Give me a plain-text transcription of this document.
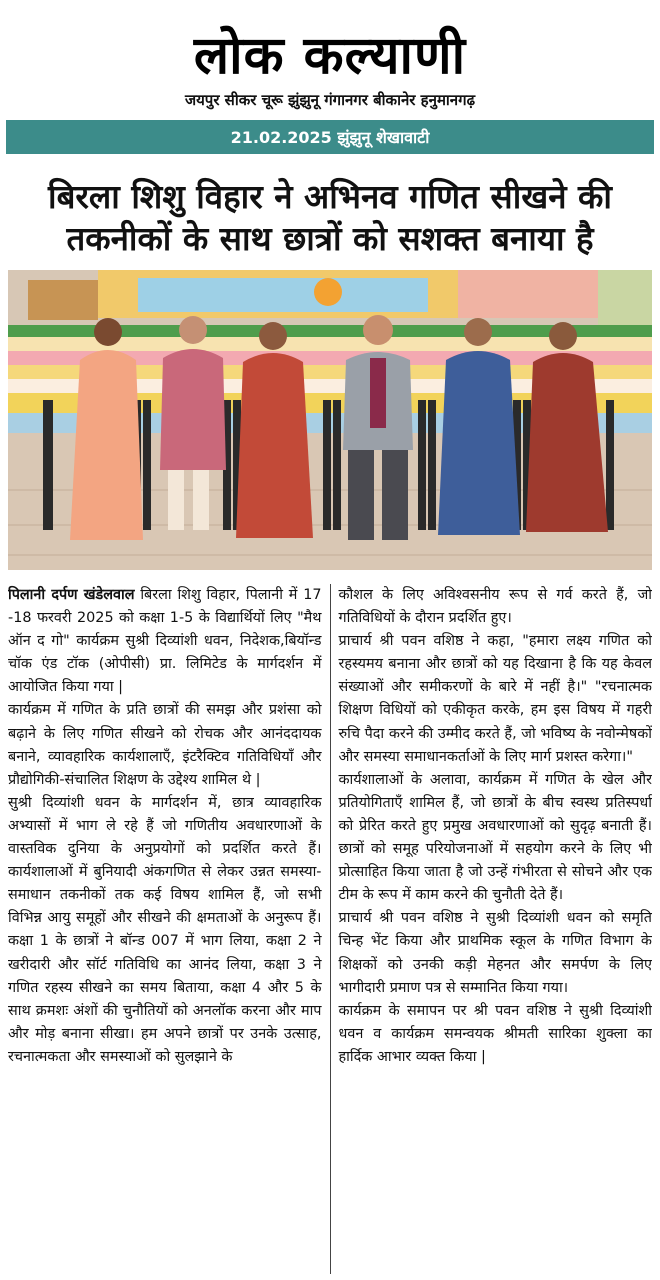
लोक कल्याणी
जयपुर सीकर चूरू झुंझुनू गंगानगर बीकानेर हनुमानगढ़
21.02.2025 झुंझुनू शेखावाटी
बिरला शिशु विहार ने अभिनव गणित सीखने की
तकनीकों के साथ छात्रों को सशक्त बनाया है

पिलानी दर्पण खंडेलवाल बिरला शिशु विहार, पिलानी में 17 -18 फरवरी 2025 को कक्षा 1-5 के विद्यार्थियों लिए "मैथ ऑन द गो" कार्यक्रम सुश्री दिव्यांशी धवन, निदेशक,बियॉन्ड चॉक एंड टॉक (ओपीसी) प्रा. लिमिटेड के मार्गदर्शन में आयोजित किया गया |

कार्यक्रम में गणित के प्रति छात्रों की समझ और प्रशंसा को बढ़ाने के लिए गणित सीखने को रोचक और आनंददायक बनाने, व्यावहारिक कार्यशालाएँ, इंटरैक्टिव गतिविधियाँ और प्रौद्योगिकी-संचालित शिक्षण के उद्देश्य शामिल थे |

सुश्री दिव्यांशी धवन के मार्गदर्शन में, छात्र व्यावहारिक अभ्यासों में भाग ले रहे हैं जो गणितीय अवधारणाओं के वास्तविक दुनिया के अनुप्रयोगों को प्रदर्शित करते हैं। कार्यशालाओं में बुनियादी अंकगणित से लेकर उन्नत समस्या-समाधान तकनीकों तक कई विषय शामिल हैं, जो सभी विभिन्न आयु समूहों और सीखने की क्षमताओं के अनुरूप हैं। कक्षा 1 के छात्रों ने बॉन्ड 007 में भाग लिया, कक्षा 2 ने खरीदारी और सॉर्ट गतिविधि का आनंद लिया, कक्षा 3 ने गणित रहस्य सीखने का समय बिताया, कक्षा 4 और 5 के साथ क्रमशः अंशों की चुनौतियों को अनलॉक करना और माप और मोड़ बनाना सीखा। हम अपने छात्रों पर उनके उत्साह, रचनात्मकता और समस्याओं को सुलझाने के

कौशल के लिए अविश्वसनीय रूप से गर्व करते हैं, जो गतिविधियों के दौरान प्रदर्शित हुए।

प्राचार्य श्री पवन वशिष्ठ ने कहा, "हमारा लक्ष्य गणित को रहस्यमय बनाना और छात्रों को यह दिखाना है कि यह केवल संख्याओं और समीकरणों के बारे में नहीं है।" "रचनात्मक शिक्षण विधियों को एकीकृत करके, हम इस विषय में गहरी रुचि पैदा करने की उम्मीद करते हैं, जो भविष्य के नवोन्मेषकों और समस्या समाधानकर्ताओं के लिए मार्ग प्रशस्त करेगा।"

कार्यशालाओं के अलावा, कार्यक्रम में गणित के खेल और प्रतियोगिताएँ शामिल हैं, जो छात्रों के बीच स्वस्थ प्रतिस्पर्धा को प्रेरित करते हुए प्रमुख अवधारणाओं को सुदृढ़ बनाती हैं। छात्रों को समूह परियोजनाओं में सहयोग करने के लिए भी प्रोत्साहित किया जाता है जो उन्हें गंभीरता से सोचने और एक टीम के रूप में काम करने की चुनौती देते हैं।

प्राचार्य श्री पवन वशिष्ठ ने सुश्री दिव्यांशी धवन को समृति चिन्ह भेंट किया और प्राथमिक स्कूल के गणित विभाग के शिक्षकों को उनकी कड़ी मेहनत और समर्पण के लिए भागीदारी प्रमाण पत्र से सम्मानित किया गया।

कार्यक्रम के समापन पर श्री पवन वशिष्ठ ने सुश्री दिव्यांशी धवन व कार्यक्रम समन्वयक श्रीमती सारिका शुक्ला का हार्दिक आभार व्यक्त किया |
